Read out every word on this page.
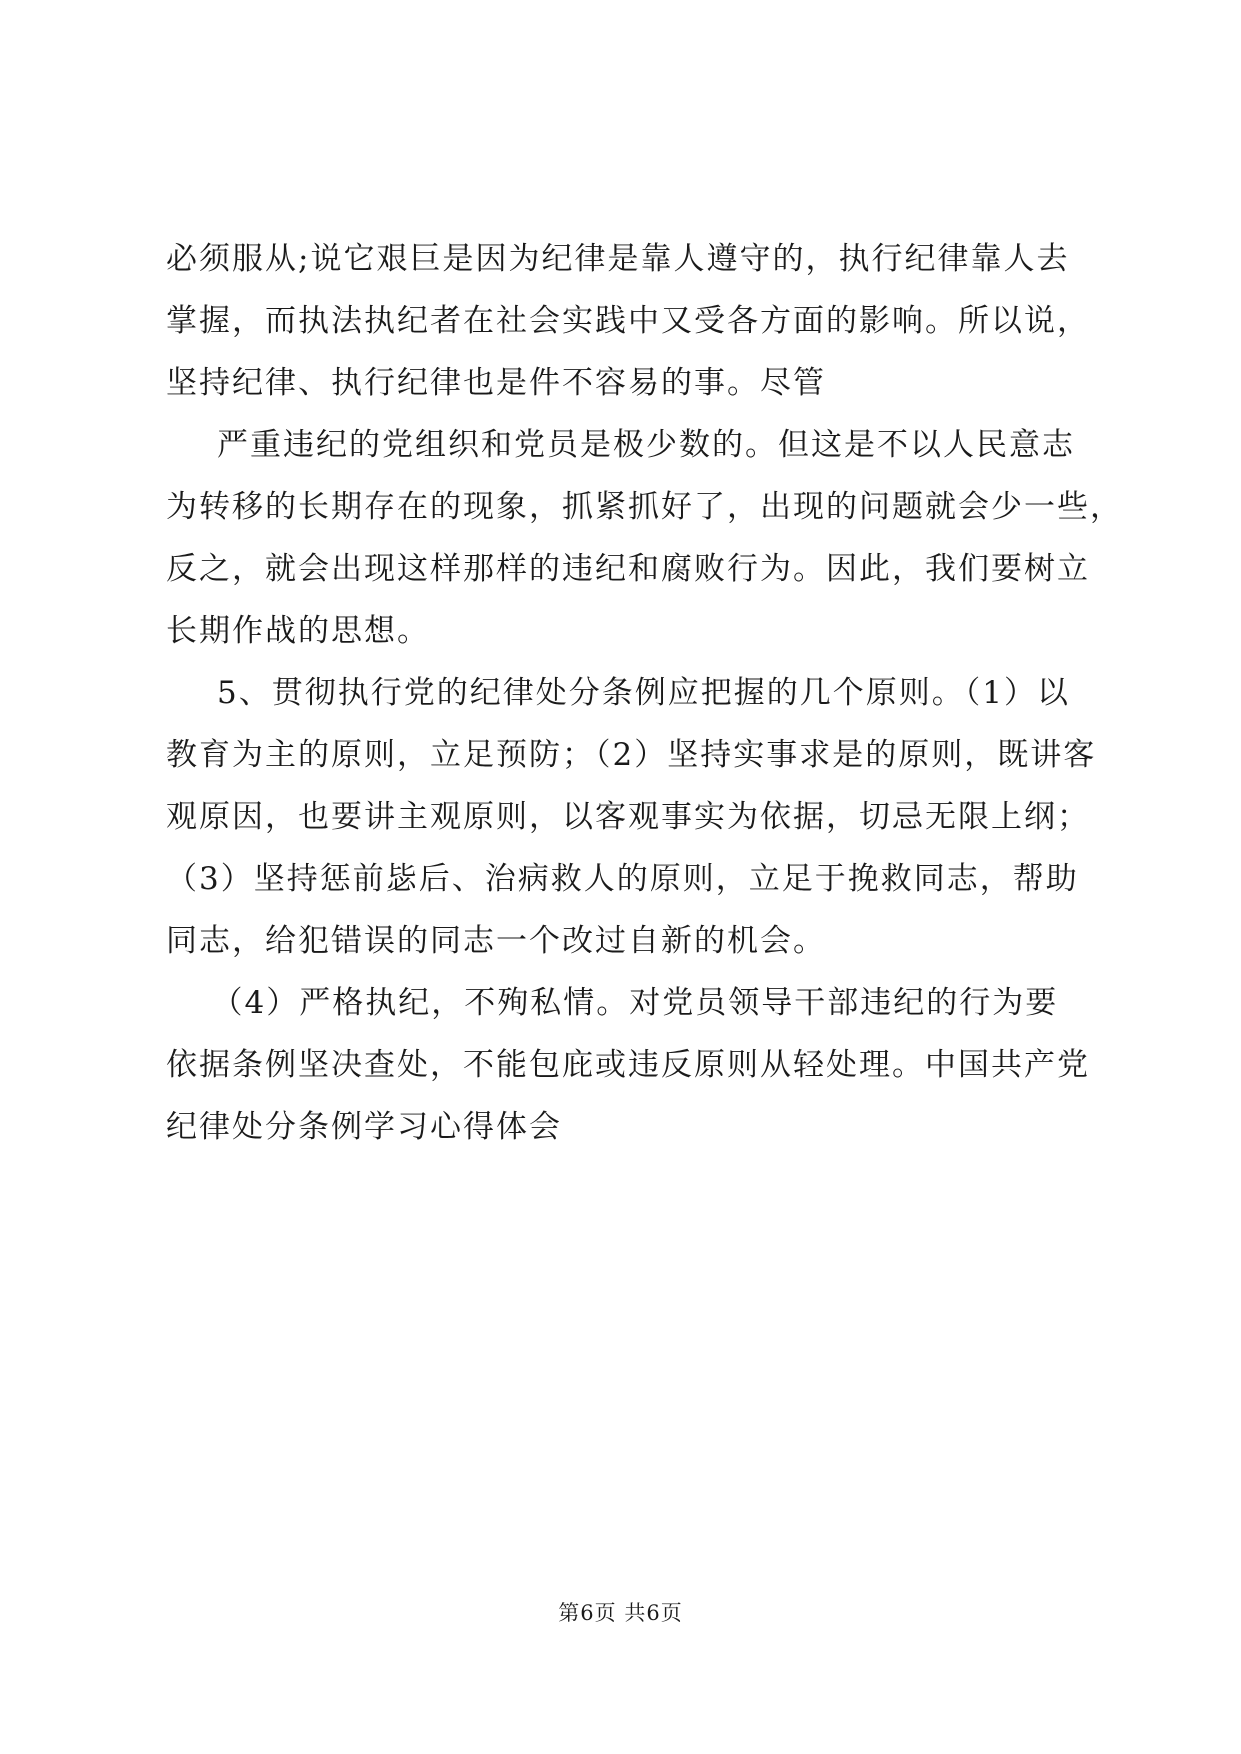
必须服从;说它艰巨是因为纪律是靠人遵守的，执行纪律靠人去
掌握，而执法执纪者在社会实践中又受各方面的影响。所以说，
坚持纪律、执行纪律也是件不容易的事。尽管
　严重违纪的党组织和党员是极少数的。但这是不以人民意志
为转移的长期存在的现象，抓紧抓好了，出现的问题就会少一些，
反之，就会出现这样那样的违纪和腐败行为。因此，我们要树立
长期作战的思想。
　5、贯彻执行党的纪律处分条例应把握的几个原则。（1）以
教育为主的原则，立足预防；（2）坚持实事求是的原则，既讲客
观原因，也要讲主观原则，以客观事实为依据，切忌无限上纲；
（3）坚持惩前毖后、治病救人的原则，立足于挽救同志，帮助
同志，给犯错误的同志一个改过自新的机会。
　（4）严格执纪，不殉私情。对党员领导干部违纪的行为要
依据条例坚决查处，不能包庇或违反原则从轻处理。中国共产党
纪律处分条例学习心得体会
第6页 共6页
